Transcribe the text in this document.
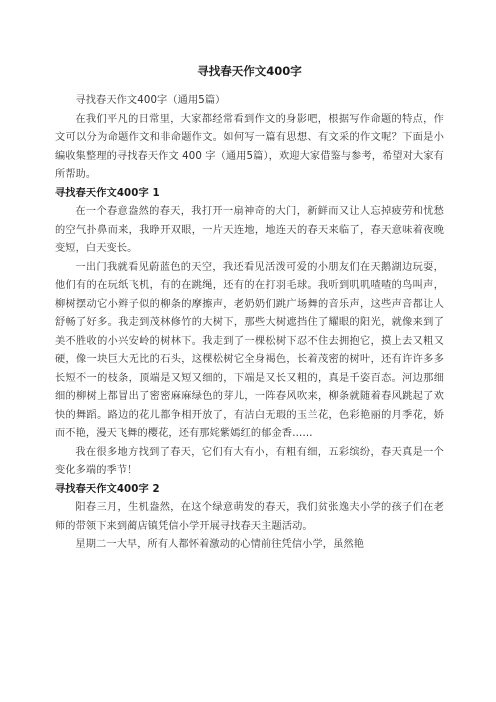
寻找春天作文400字

寻找春天作文400字（通用5篇）

在我们平凡的日常里，大家都经常看到作文的身影吧，根据写作命题的特点，作文可以分为命题作文和非命题作文。如何写一篇有思想、有文采的作文呢？下面是小编收集整理的寻找春天作文 400 字（通用5篇），欢迎大家借鉴与参考，希望对大家有所帮助。

寻找春天作文400字 1

在一个春意盎然的春天，我打开一扇神奇的大门，新鲜而又让人忘掉疲劳和忧愁的空气扑鼻而来，我睁开双眼，一片天连地，地连天的春天来临了，春天意味着夜晚变短，白天变长。

一出门我就看见蔚蓝色的天空，我还看见活泼可爱的小朋友们在天鹅湖边玩耍，他们有的在玩纸飞机，有的在跳绳，还有的在打羽毛球。我听到叽叽喳喳的鸟叫声，柳树摆动它小辫子似的柳条的摩擦声，老奶奶们跳广场舞的音乐声，这些声音都让人舒畅了好多。我走到茂林修竹的大树下，那些大树遮挡住了耀眼的阳光，就像来到了美不胜收的小兴安岭的树林下。我走到了一棵松树下忍不住去拥抱它，摸上去又粗又硬，像一块巨大无比的石头，这棵松树它全身褐色，长着茂密的树叶，还有许许多多长短不一的枝条，顶端是又短又细的，下端是又长又粗的，真是千姿百态。河边那细细的柳树上都冒出了密密麻麻绿色的芽儿，一阵春风吹来，柳条就随着春风跳起了欢快的舞蹈。路边的花儿都争相开放了，有洁白无瑕的玉兰花，色彩艳丽的月季花，娇而不艳，漫天飞舞的樱花，还有那姹紫嫣红的郁金香……

我在很多地方找到了春天，它们有大有小，有粗有细，五彩缤纷，春天真是一个变化多端的季节！

寻找春天作文400字 2

阳春三月，生机盎然，在这个绿意萌发的春天，我们贫张逸夫小学的孩子们在老师的带领下来到蔺店镇凭信小学开展寻找春天主题活动。

星期二一大早，所有人都怀着激动的心情前往凭信小学，虽然艳
